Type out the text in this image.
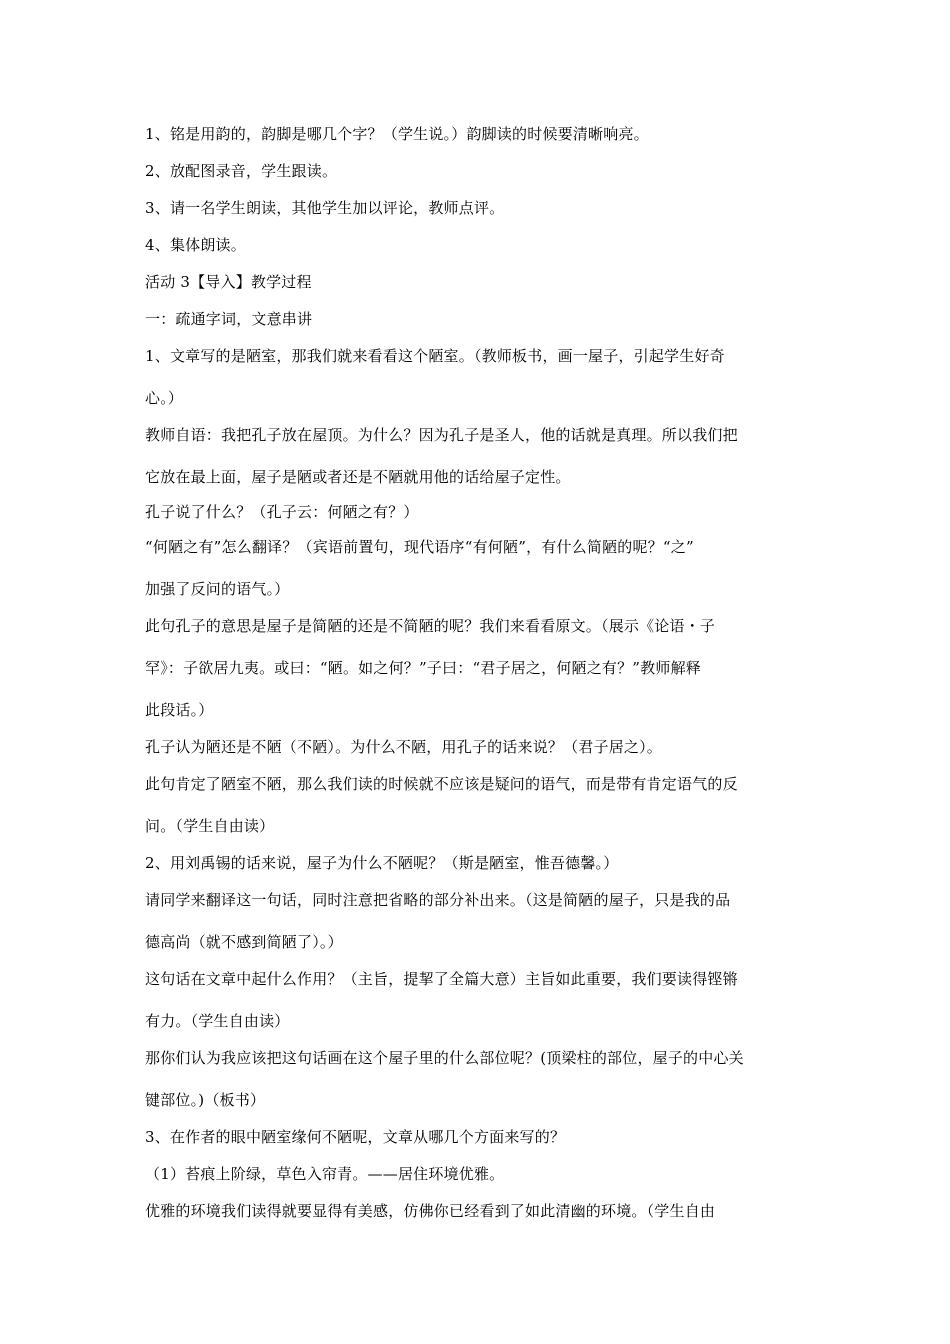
1、铭是用韵的，韵脚是哪几个字？（学生说。）韵脚读的时候要清晰响亮。

2、放配图录音，学生跟读。

3、请一名学生朗读，其他学生加以评论，教师点评。

4、集体朗读。

活动 3【导入】教学过程

一：疏通字词，文意串讲

1、文章写的是陋室，那我们就来看看这个陋室。（教师板书，画一屋子，引起学生好奇

心。）

教师自语：我把孔子放在屋顶。为什么？因为孔子是圣人，他的话就是真理。所以我们把

它放在最上面，屋子是陋或者还是不陋就用他的话给屋子定性。

孔子说了什么？（孔子云：何陋之有？）

“何陋之有”怎么翻译？（宾语前置句，现代语序“有何陋”，有什么简陋的呢？“之”

加强了反问的语气。）

此句孔子的意思是屋子是简陋的还是不简陋的呢？我们来看看原文。（展示《论语・子

罕》：子欲居九夷。或曰：“陋。如之何？”子曰：“君子居之，何陋之有？”教师解释

此段话。）

孔子认为陋还是不陋（不陋）。为什么不陋，用孔子的话来说？（君子居之）。

此句肯定了陋室不陋，那么我们读的时候就不应该是疑问的语气，而是带有肯定语气的反

问。（学生自由读）

2、用刘禹锡的话来说，屋子为什么不陋呢？（斯是陋室，惟吾德馨。）

请同学来翻译这一句话，同时注意把省略的部分补出来。（这是简陋的屋子，只是我的品

德高尚（就不感到简陋了）。）

这句话在文章中起什么作用？（主旨，提挈了全篇大意）主旨如此重要，我们要读得铿锵

有力。（学生自由读）

那你们认为我应该把这句话画在这个屋子里的什么部位呢？(顶梁柱的部位，屋子的中心关

键部位。)（板书）

3、在作者的眼中陋室缘何不陋呢，文章从哪几个方面来写的？

（1）苔痕上阶绿，草色入帘青。——居住环境优雅。

优雅的环境我们读得就要显得有美感，仿佛你已经看到了如此清幽的环境。（学生自由
